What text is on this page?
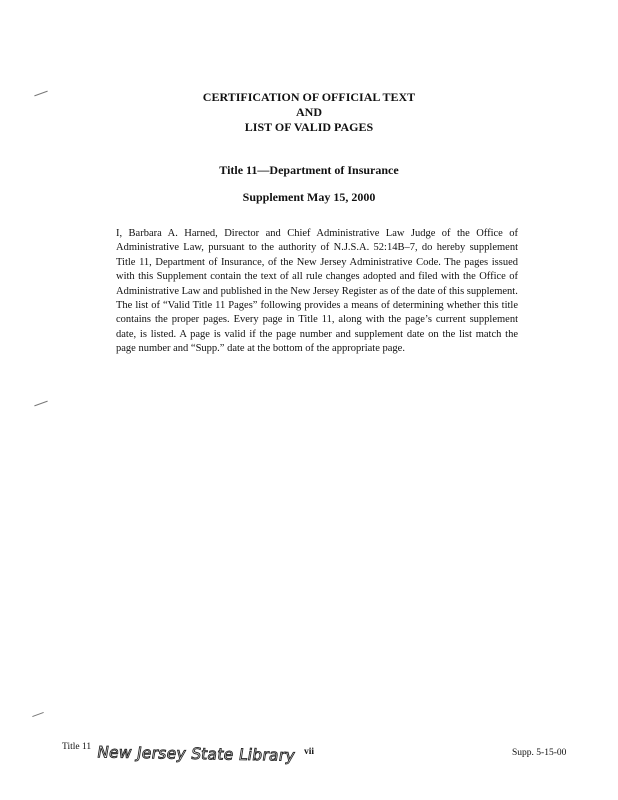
CERTIFICATION OF OFFICIAL TEXT
AND
LIST OF VALID PAGES
Title 11—Department of Insurance
Supplement May 15, 2000

I, Barbara A. Harned, Director and Chief Administrative Law Judge of the Office of Administrative Law, pursuant to the authority of N.J.S.A. 52:14B–7, do hereby supplement Title 11, Department of Insurance, of the New Jersey Administrative Code. The pages issued with this Supplement contain the text of all rule changes adopted and filed with the Office of Administrative Law and published in the New Jersey Register as of the date of this supplement.

The list of “Valid Title 11 Pages” following provides a means of determining whether this title contains the proper pages. Every page in Title 11, along with the page’s current supplement date, is listed. A page is valid if the page number and supplement date on the list match the page number and “Supp.” date at the bottom of the appropriate page.

Title 11 New Jersey State Library vii	Supp. 5-15-00
